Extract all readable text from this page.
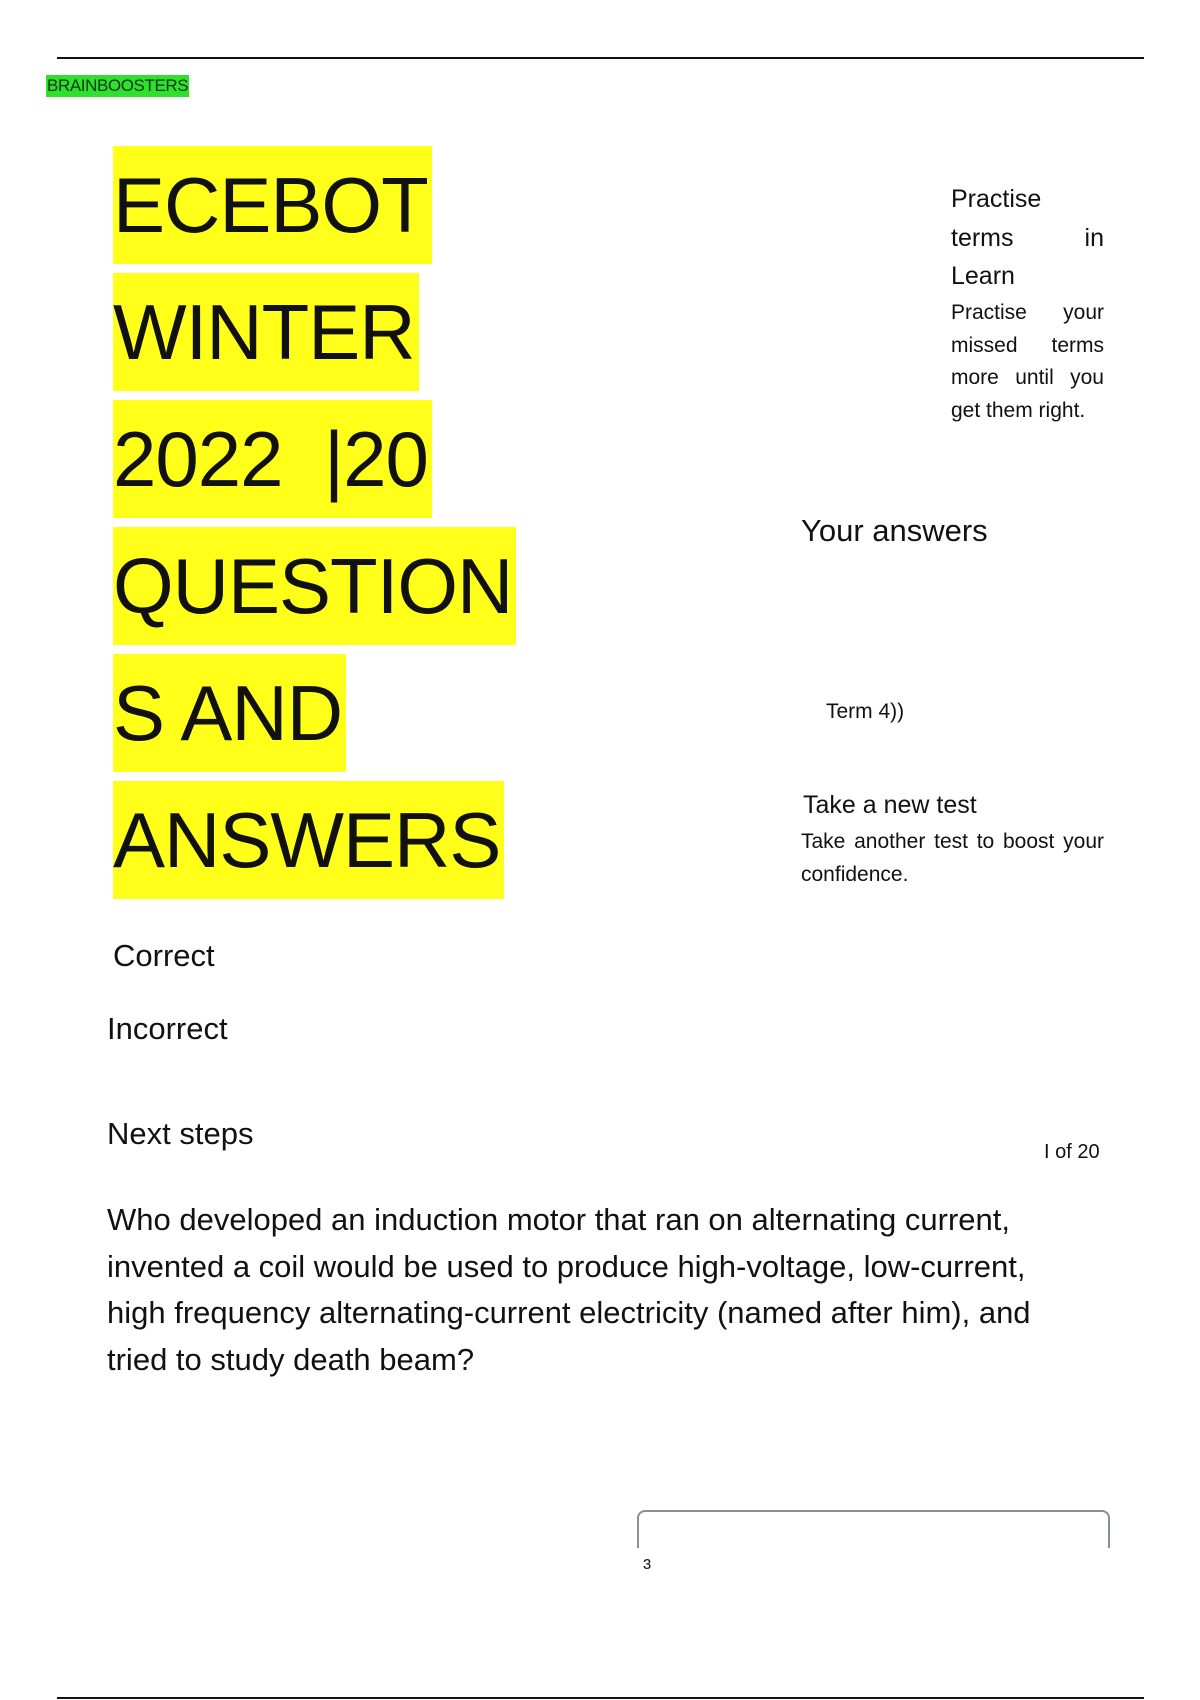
BRAINBOOSTERS
ECEBOT
WINTER
2022  |20
QUESTION
S AND
ANSWERS
Correct
Incorrect
Next steps
I of 20
Who developed an induction motor that ran on alternating current, invented a coil would be used to produce high-voltage, low-current, high frequency alternating-current electricity (named after him), and tried to study death beam?
Practise terms in Learn
Practise your missed terms more until you get them right.
Your answers
Term 4))
Take a new test
Take another test to boost your confidence.
ɜ
